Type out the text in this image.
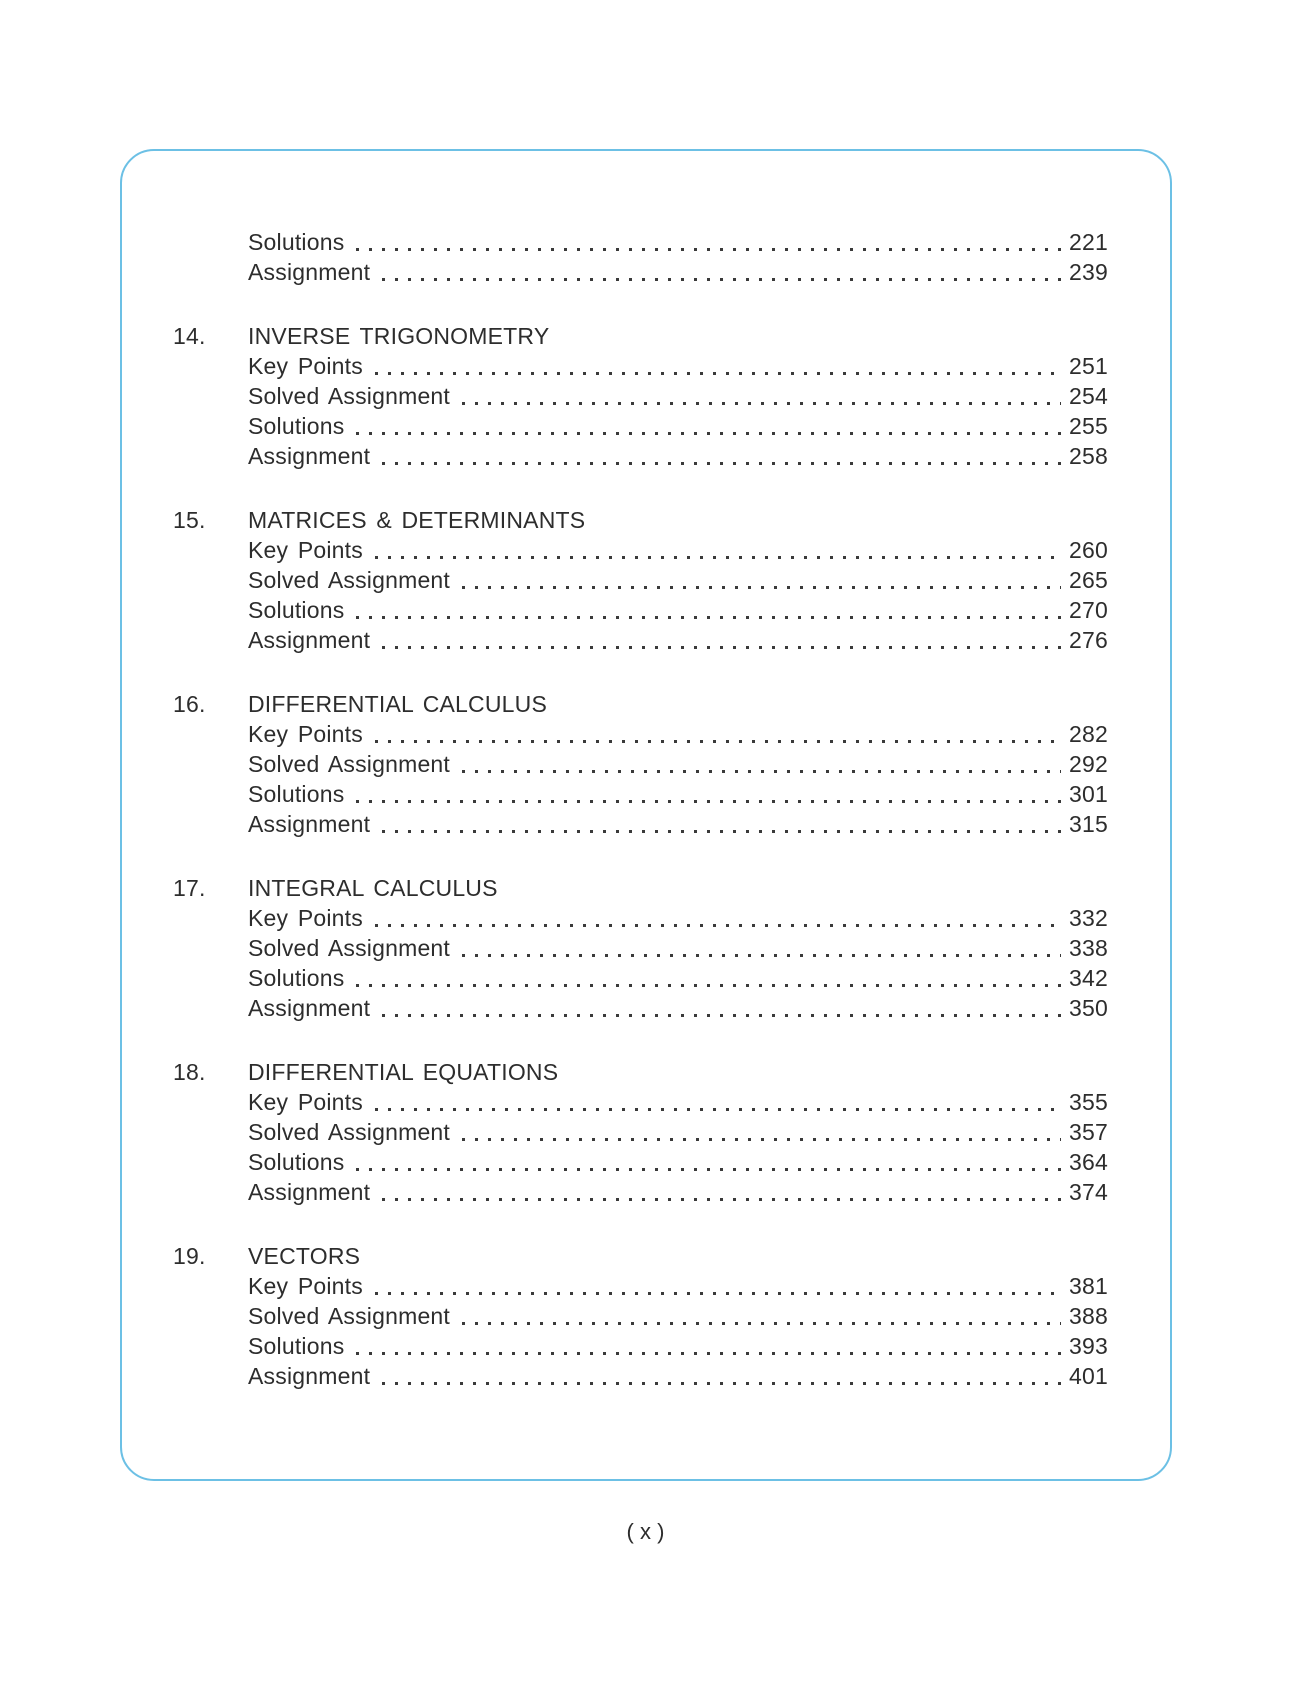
Solutions	221
Assignment	239
14.	INVERSE TRIGONOMETRY
Key Points	251
Solved Assignment	254
Solutions	255
Assignment	258
15.	MATRICES & DETERMINANTS
Key Points	260
Solved Assignment	265
Solutions	270
Assignment	276
16.	DIFFERENTIAL CALCULUS
Key Points	282
Solved Assignment	292
Solutions	301
Assignment	315
17.	INTEGRAL CALCULUS
Key Points	332
Solved Assignment	338
Solutions	342
Assignment	350
18.	DIFFERENTIAL EQUATIONS
Key Points	355
Solved Assignment	357
Solutions	364
Assignment	374
19.	VECTORS
Key Points	381
Solved Assignment	388
Solutions	393
Assignment	401
( x )
